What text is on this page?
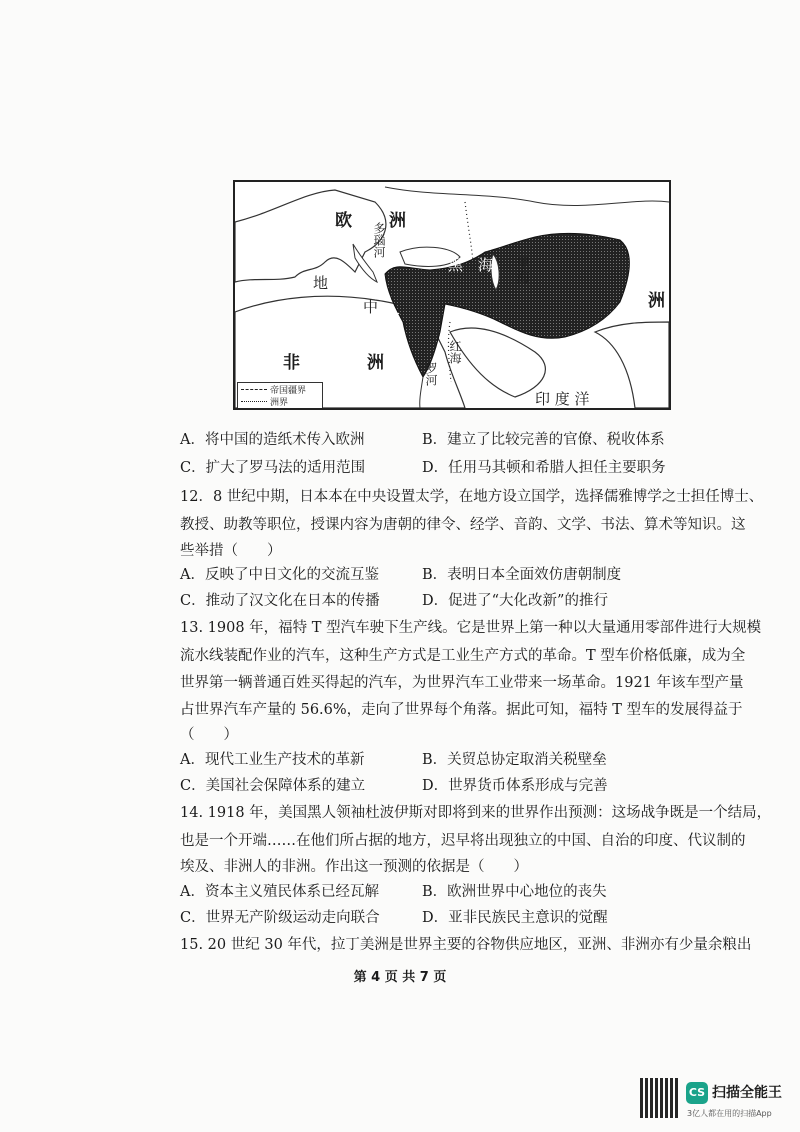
欧　洲
多瑙河
黑　海 里海
洲
地
中
海
非	洲	红海
罗河
印 度 洋
帝国疆界
洲界
A．将中国的造纸术传入欧洲	B．建立了比较完善的官僚、税收体系
C．扩大了罗马法的适用范围	D．任用马其顿和希腊人担任主要职务
12．8 世纪中期，日本本在中央设置太学，在地方设立国学，选择儒雅博学之士担任博士、
教授、助教等职位，授课内容为唐朝的律令、经学、音韵、文学、书法、算术等知识。这
些举措（　　）
A．反映了中日文化的交流互鉴	B．表明日本全面效仿唐朝制度
C．推动了汉文化在日本的传播	D．促进了“大化改新”的推行
13. 1908 年，福特 T 型汽车驶下生产线。它是世界上第一种以大量通用零部件进行大规模
流水线装配作业的汽车，这种生产方式是工业生产方式的革命。T 型车价格低廉，成为全
世界第一辆普通百姓买得起的汽车，为世界汽车工业带来一场革命。1921 年该车型产量
占世界汽车产量的 56.6%，走向了世界每个角落。据此可知，福特 T 型车的发展得益于
（　　）
A．现代工业生产技术的革新	B．关贸总协定取消关税壁垒
C．美国社会保障体系的建立	D．世界货币体系形成与完善
14. 1918 年，美国黑人领袖杜波伊斯对即将到来的世界作出预测：这场战争既是一个结局，
也是一个开端……在他们所占据的地方，迟早将出现独立的中国、自治的印度、代议制的
埃及、非洲人的非洲。作出这一预测的依据是（　　）
A．资本主义殖民体系已经瓦解	B．欧洲世界中心地位的丧失
C．世界无产阶级运动走向联合	D．亚非民族民主意识的觉醒
15. 20 世纪 30 年代，拉丁美洲是世界主要的谷物供应地区，亚洲、非洲亦有少量余粮出
第 4 页 共 7 页
CS 扫描全能王
3亿人都在用的扫描App
